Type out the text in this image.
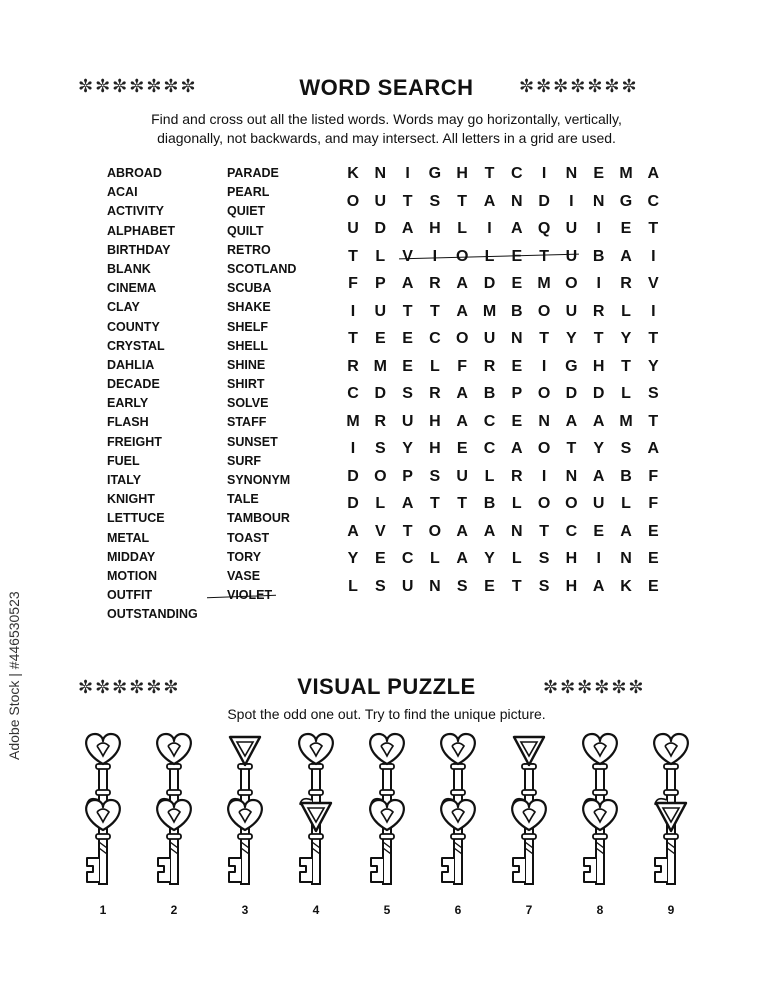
✼✼✼✼✼✼✼	✼✼✼✼✼✼✼
WORD SEARCH
Find and cross out all the listed words. Words may go horizontally, vertically,
diagonally, not backwards, and may intersect. All letters in a grid are used.
ABROAD
ACAI
ACTIVITY
ALPHABET
BIRTHDAY
BLANK
CINEMA
CLAY
COUNTY
CRYSTAL
DAHLIA
DECADE
EARLY
FLASH
FREIGHT
FUEL
ITALY
KNIGHT
LETTUCE
METAL
MIDDAY
MOTION
OUTFIT
OUTSTANDING
PARADE
PEARL
QUIET
QUILT
RETRO
SCOTLAND
SCUBA
SHAKE
SHELF
SHELL
SHINE
SHIRT
SOLVE
STAFF
SUNSET
SURF
SYNONYM
TALE
TAMBOUR
TOAST
TORY
VASE
VIOLET
K N	I	G H	T	C	I	N	E M A
O U	T	S	T	A N D	I	N G C
U D A H	L	I	A Q U	I	E	T
T	L	V	I	O	L	E	T	U B A	I
F	P	A R A D	E M O	I	R	V
I	U	T	T	A M B O U R	L	I
T	E	E	C O U N	T	Y	T	Y	T
R M E	L	F	R	E	I	G H	T	Y
C D	S	R A B	P O D D	L	S
M R U H A C	E	N A A M T
I	S	Y	H	E	C A O	T	Y	S	A
D O P	S	U	L	R	I	N A B	F
D	L	A	T	T	B	L	O O U	L	F
A	V	T	O A A N	T	C	E	A	E
Y	E	C	L	A	Y	L	S	H	I	N	E
L	S	U N	S	E	T	S	H A K	E
✼✼✼✼✼✼	✼✼✼✼✼✼
VISUAL PUZZLE
Spot the odd one out. Try to find the unique picture.
1	2	3	4	5	6	7	8	9
Adobe Stock | #446530523
